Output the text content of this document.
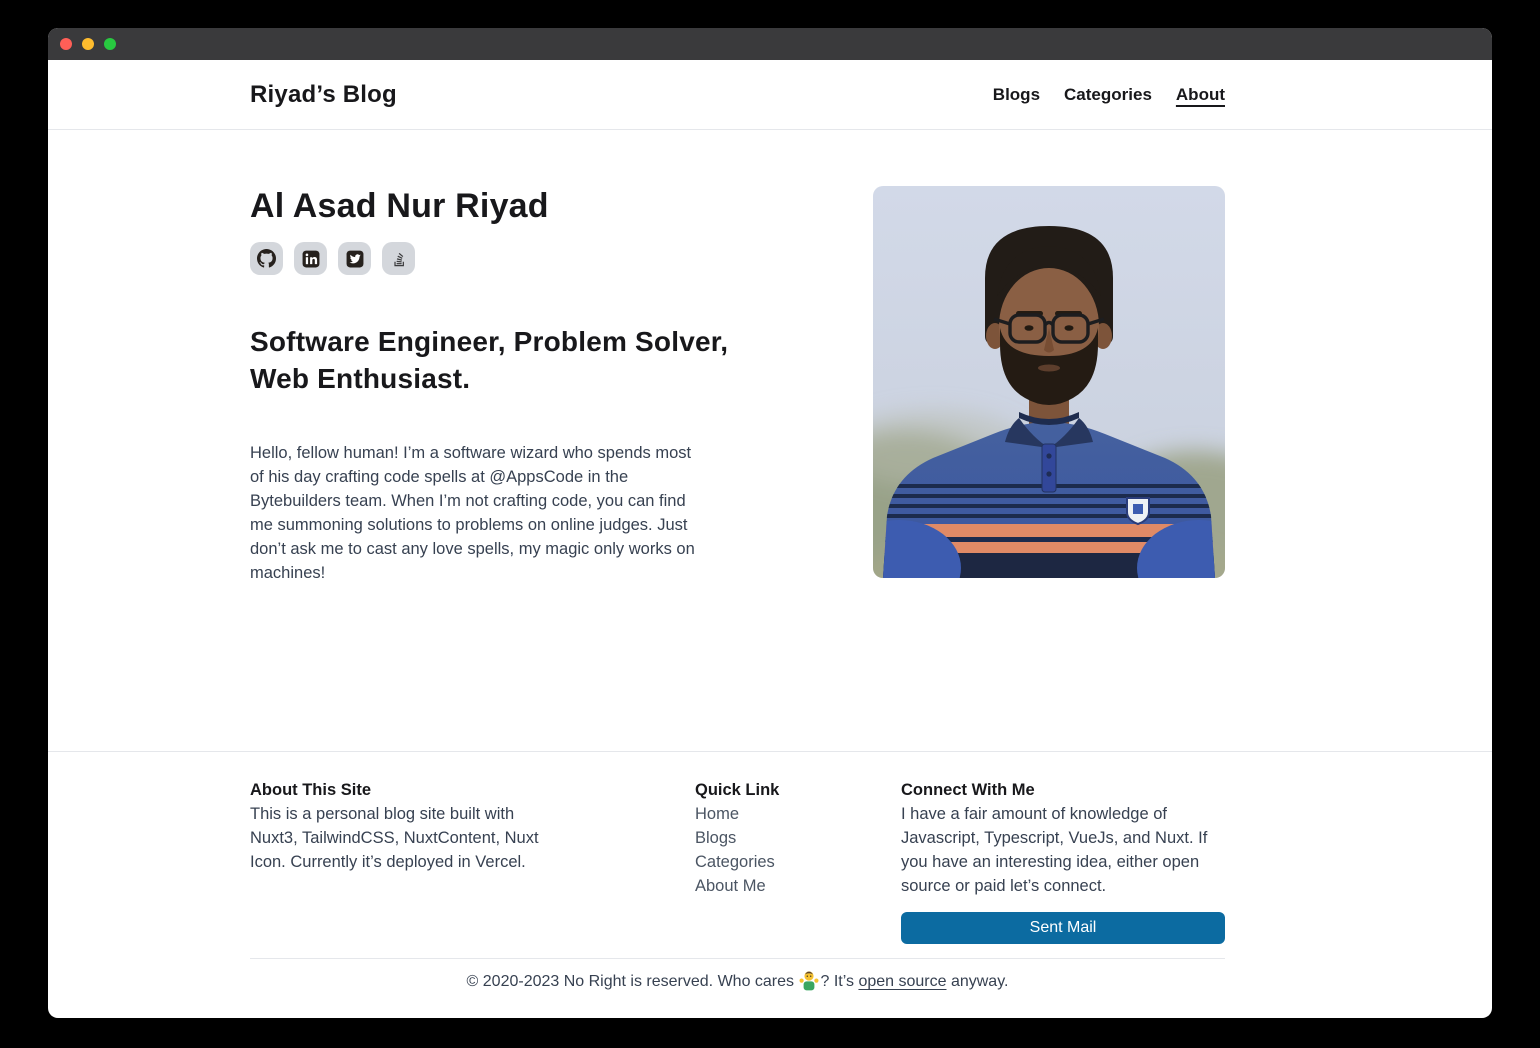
Riyad’s Blog	Blogs Categories About
Al Asad Nur Riyad
Software Engineer, Problem Solver, Web Enthusiast.

Hello, fellow human! I’m a software wizard who spends most of his day crafting code spells at @AppsCode in the Bytebuilders team. When I’m not crafting code, you can find me summoning solutions to problems on online judges. Just don’t ask me to cast any love spells, my magic only works on machines!

About This Site

This is a personal blog site built with Nuxt3, TailwindCSS, NuxtContent, Nuxt Icon. Currently it’s deployed in Vercel.

Quick Link
Home
Blogs
Categories
About Me
Connect With Me

I have a fair amount of knowledge of Javascript, Typescript, VueJs, and Nuxt. If you have an interesting idea, either open source or paid let’s connect.

Sent Mail
© 2020-2023 No Right is reserved. Who cares ? It’s open source anyway.
